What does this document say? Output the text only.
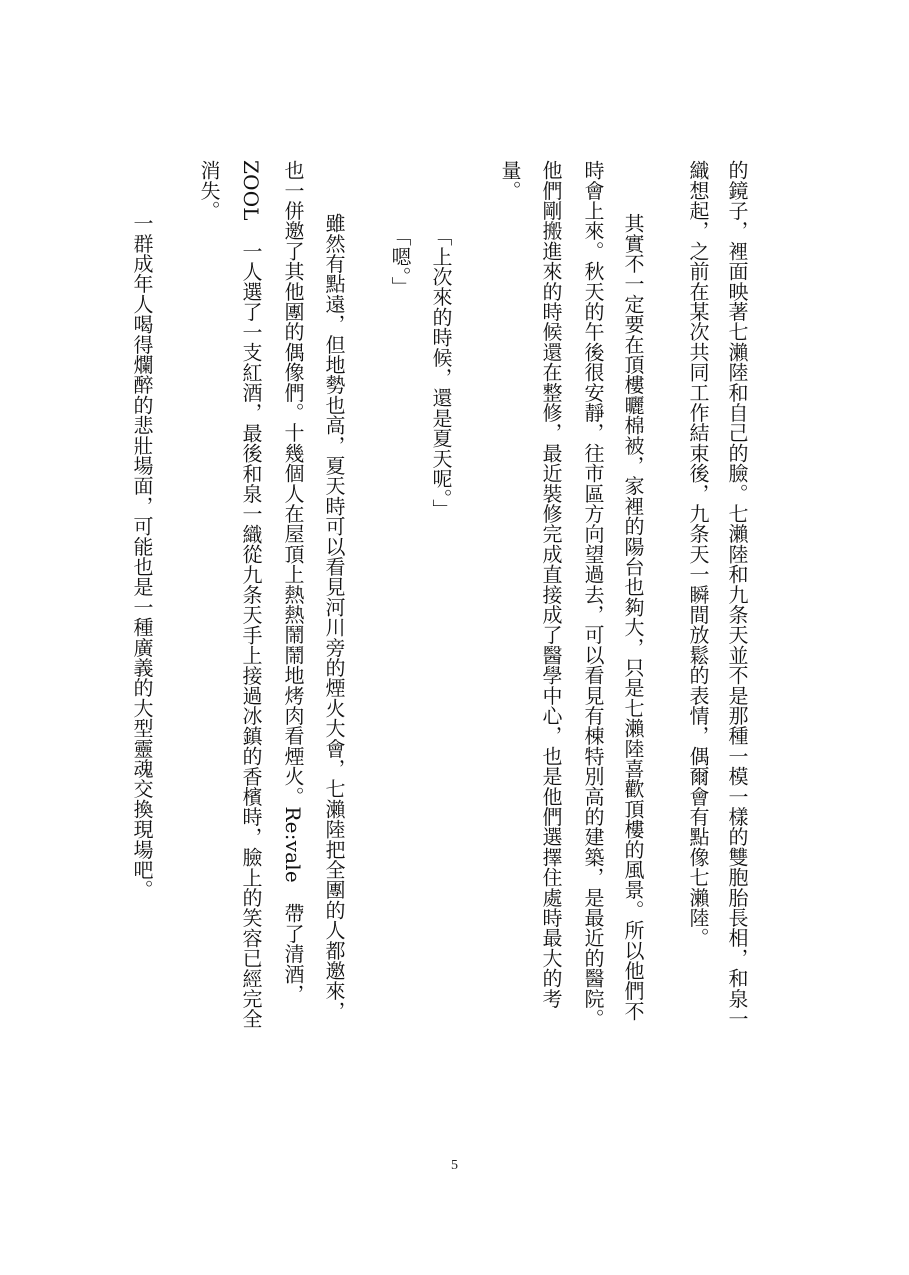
的鏡子，裡面映著七瀨陸和自己的臉。七瀨陸和九条天並不是那種一模一樣的雙胞胎長相，和泉一
織想起，之前在某次共同工作結束後，九条天一瞬間放鬆的表情，偶爾會有點像七瀨陸。
其實不一定要在頂樓曬棉被，家裡的陽台也夠大，只是七瀨陸喜歡頂樓的風景。所以他們不
時會上來。秋天的午後很安靜，往市區方向望過去，可以看見有棟特別高的建築，是最近的醫院。
他們剛搬進來的時候還在整修，最近裝修完成直接成了醫學中心，也是他們選擇住處時最大的考
量。
「上次來的時候，還是夏天呢。」
「嗯。」
雖然有點遠，但地勢也高，夏天時可以看見河川旁的煙火大會，七瀨陸把全團的人都邀來，
也一併邀了其他團的偶像們。十幾個人在屋頂上熱熱鬧鬧地烤肉看煙火。Re:vale　帶了清酒，
ZOOL　一人選了一支紅酒，最後和泉一織從九条天手上接過冰鎮的香檳時，臉上的笑容已經完全
消失。
一群成年人喝得爛醉的悲壯場面，可能也是一種廣義的大型靈魂交換現場吧。
5
